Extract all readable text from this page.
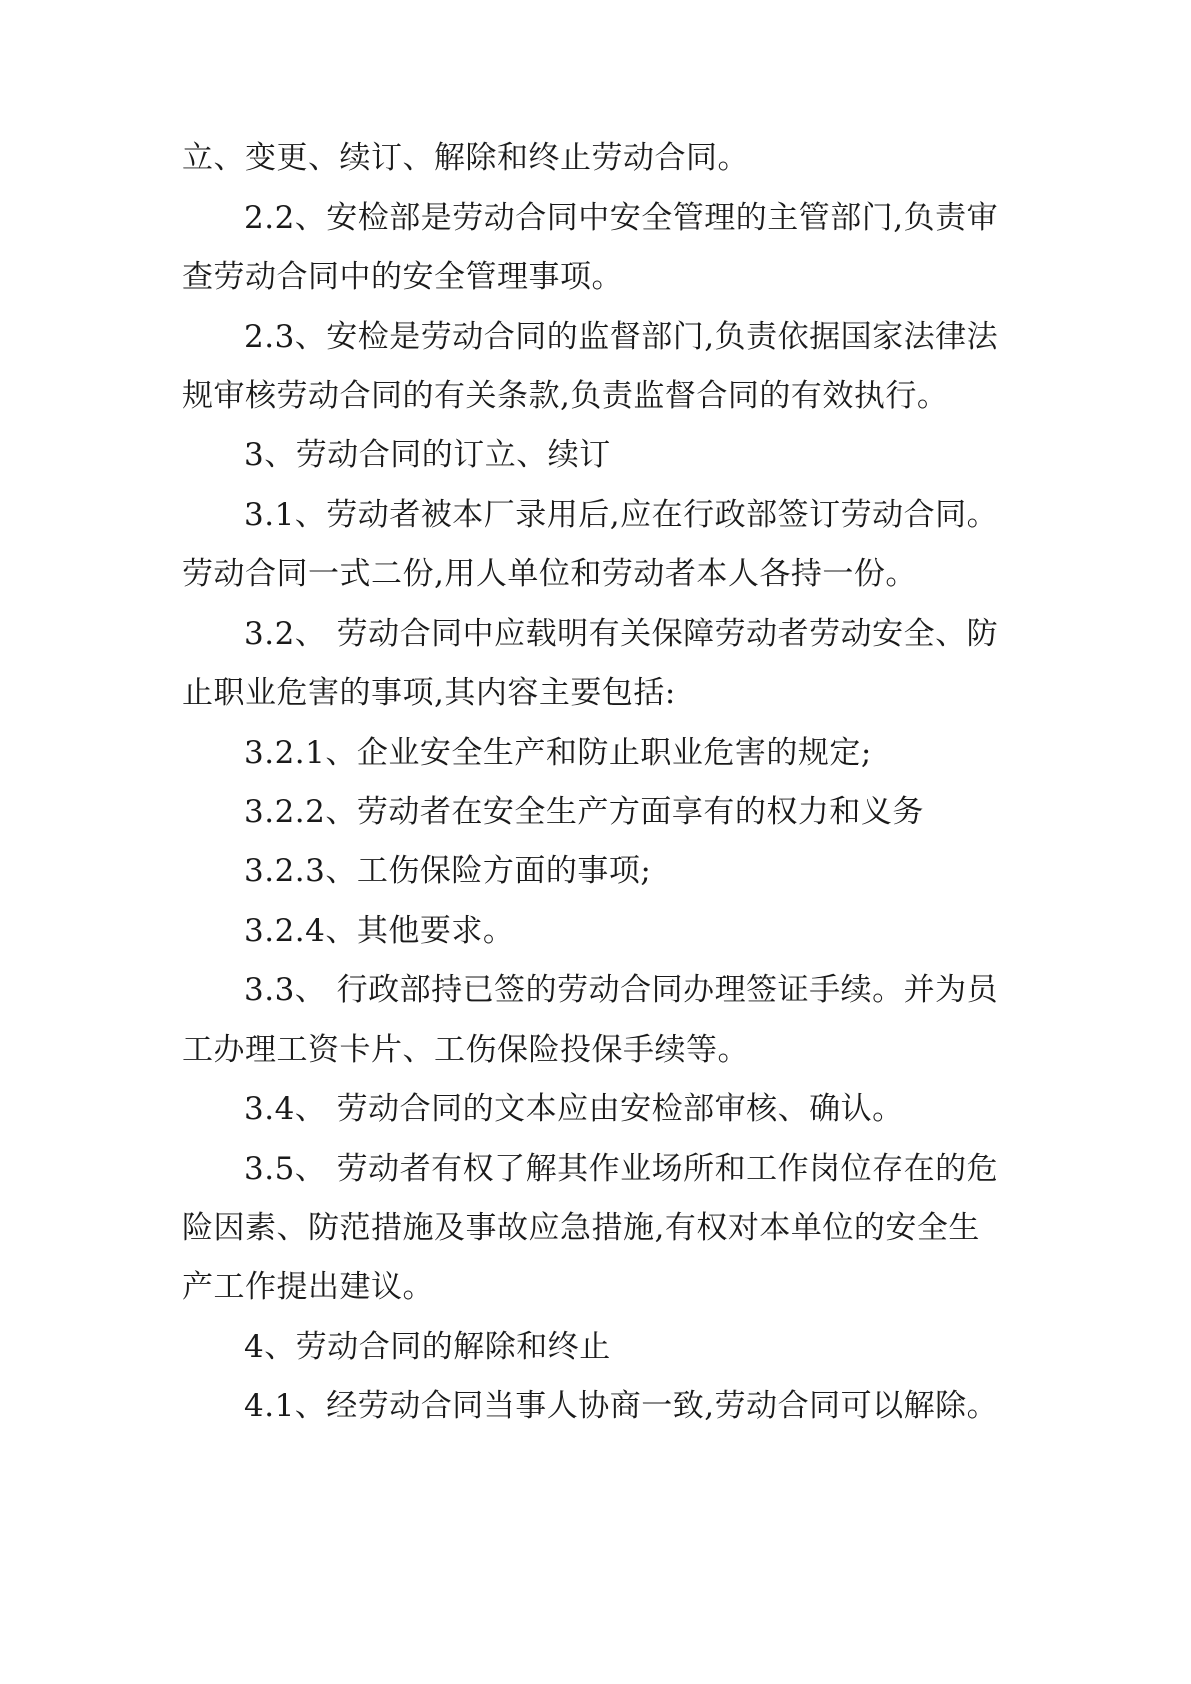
立、变更、续订、解除和终止劳动合同。
2.2、安检部是劳动合同中安全管理的主管部门,负责审
查劳动合同中的安全管理事项。
2.3、安检是劳动合同的监督部门,负责依据国家法律法
规审核劳动合同的有关条款,负责监督合同的有效执行。
3、劳动合同的订立、续订
3.1、劳动者被本厂录用后,应在行政部签订劳动合同。
劳动合同一式二份,用人单位和劳动者本人各持一份。
3.2、 劳动合同中应载明有关保障劳动者劳动安全、防
止职业危害的事项,其内容主要包括:
3.2.1、企业安全生产和防止职业危害的规定;
3.2.2、劳动者在安全生产方面享有的权力和义务
3.2.3、工伤保险方面的事项;
3.2.4、其他要求。
3.3、 行政部持已签的劳动合同办理签证手续。并为员
工办理工资卡片、工伤保险投保手续等。
3.4、 劳动合同的文本应由安检部审核、确认。
3.5、 劳动者有权了解其作业场所和工作岗位存在的危
险因素、防范措施及事故应急措施,有权对本单位的安全生
产工作提出建议。
4、劳动合同的解除和终止
4.1、经劳动合同当事人协商一致,劳动合同可以解除。
